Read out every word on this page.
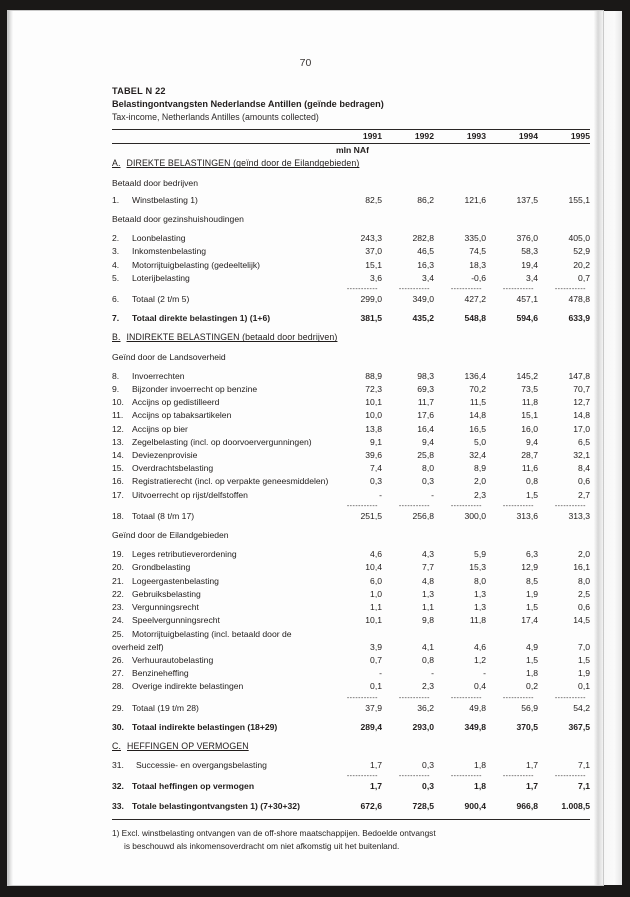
70
TABEL N 22
Belastingontvangsten Nederlandse Antillen (geïnde bedragen)
Tax-income, Netherlands Antilles (amounts collected)

	1991	1992	1993	1994	1995

	mln NAf				
A. DIREKTE BELASTINGEN (geïnd door de Eilandgebieden)					

Betaald door bedrijven					

1. Winstbelasting 1)	82,5	86,2	121,6	137,5	155,1

Betaald door gezinshuishoudingen					

2. Loonbelasting	243,3	282,8	335,0	376,0	405,0
3. Inkomstenbelasting	37,0	46,5	74,5	58,3	52,9
4. Motorrijtuigbelasting (gedeeltelijk)	15,1	16,3	18,3	19,4	20,2
5. Loterijbelasting	3,6	3,4	-0,6	3,4	0,7

	-----------	-----------	-----------	-----------	-----------

6. Totaal (2 t/m 5)	299,0	349,0	427,2	457,1	478,8

7. Totaal direkte belastingen 1) (1+6)	381,5	435,2	548,8	594,6	633,9

B. INDIREKTE BELASTINGEN (betaald door bedrijven)					

Geïnd door de Landsoverheid					

8. Invoerrechten	88,9	98,3	136,4	145,2	147,8
9. Bijzonder invoerrecht op benzine	72,3	69,3	70,2	73,5	70,7
10. Accijns op gedistilleerd	10,1	11,7	11,5	11,8	12,7
11. Accijns op tabaksartikelen	10,0	17,6	14,8	15,1	14,8
12. Accijns op bier	13,8	16,4	16,5	16,0	17,0
13. Zegelbelasting (incl. op doorvoervergunningen)	9,1	9,4	5,0	9,4	6,5
14. Deviezenprovisie	39,6	25,8	32,4	28,7	32,1
15. Overdrachtsbelasting	7,4	8,0	8,9	11,6	8,4
16. Registratierecht (incl. op verpakte geneesmiddelen)	0,3	0,3	2,0	0,8	0,6
17. Uitvoerrecht op rijst/delfstoffen	-	-	2,3	1,5	2,7

	-----------	-----------	-----------	-----------	-----------

18. Totaal (8 t/m 17)	251,5	256,8	300,0	313,6	313,3

Geïnd door de Eilandgebieden					

19. Leges retributieverordening	4,6	4,3	5,9	6,3	2,0
20. Grondbelasting	10,4	7,7	15,3	12,9	16,1
21. Logeergastenbelasting	6,0	4,8	8,0	8,5	8,0
22. Gebruiksbelasting	1,0	1,3	1,3	1,9	2,5
23. Vergunningsrecht	1,1	1,1	1,3	1,5	0,6
24. Speelvergunningsrecht	10,1	9,8	11,8	17,4	14,5
25. Motorrijtuigbelasting (incl. betaald door de					
overheid zelf)	3,9	4,1	4,6	4,9	7,0
26. Verhuurautobelasting	0,7	0,8	1,2	1,5	1,5
27. Benzineheffing	-	-	-	1,8	1,9
28. Overige indirekte belastingen	0,1	2,3	0,4	0,2	0,1

	-----------	-----------	-----------	-----------	-----------

29. Totaal (19 t/m 28)	37,9	36,2	49,8	56,9	54,2

30. Totaal indirekte belastingen (18+29)	289,4	293,0	349,8	370,5	367,5

C. HEFFINGEN OP VERMOGEN					

31. Successie- en overgangsbelasting	1,7	0,3	1,8	1,7	7,1

	-----------	-----------	-----------	-----------	-----------

32. Totaal heffingen op vermogen	1,7	0,3	1,8	1,7	7,1

33. Totale belastingontvangsten 1) (7+30+32)	672,6	728,5	900,4	966,8	1.008,5
1) Excl. winstbelasting ontvangen van de off-shore maatschappijen. Bedoelde ontvangst
is beschouwd als inkomensoverdracht om niet afkomstig uit het buitenland.
